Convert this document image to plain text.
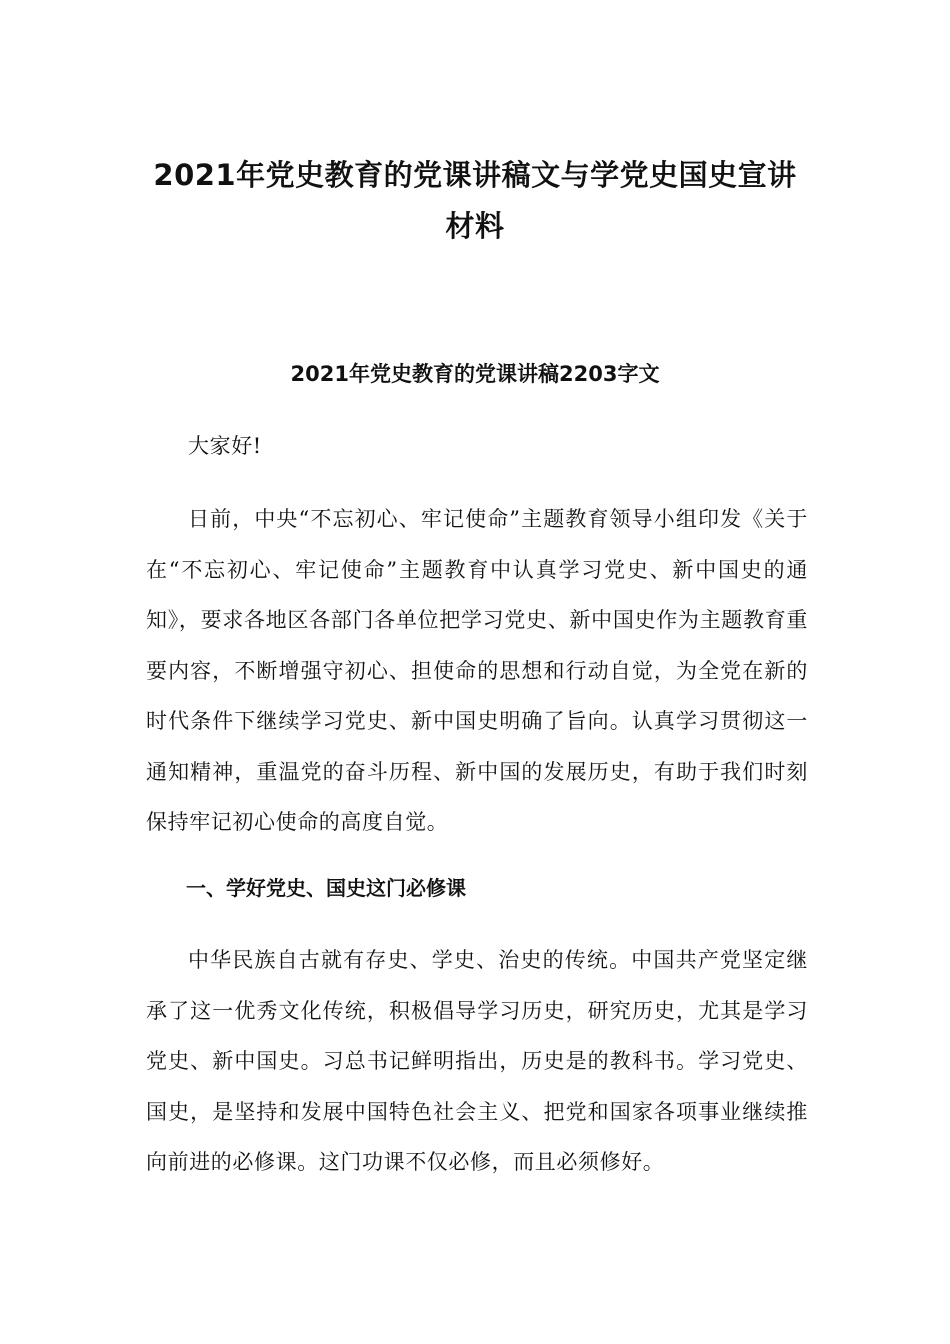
2021年党史教育的党课讲稿文与学党史国史宣讲材料
2021年党史教育的党课讲稿2203字文
大家好!
日前，中央“不忘初心、牢记使命”主题教育领导小组印发《关于在“不忘初心、牢记使命”主题教育中认真学习党史、新中国史的通知》，要求各地区各部门各单位把学习党史、新中国史作为主题教育重要内容，不断增强守初心、担使命的思想和行动自觉，为全党在新的时代条件下继续学习党史、新中国史明确了旨向。认真学习贯彻这一通知精神，重温党的奋斗历程、新中国的发展历史，有助于我们时刻保持牢记初心使命的高度自觉。
一、学好党史、国史这门必修课
中华民族自古就有存史、学史、治史的传统。中国共产党坚定继承了这一优秀文化传统，积极倡导学习历史，研究历史，尤其是学习党史、新中国史。习总书记鲜明指出，历史是的教科书。学习党史、国史，是坚持和发展中国特色社会主义、把党和国家各项事业继续推向前进的必修课。这门功课不仅必修，而且必须修好。
